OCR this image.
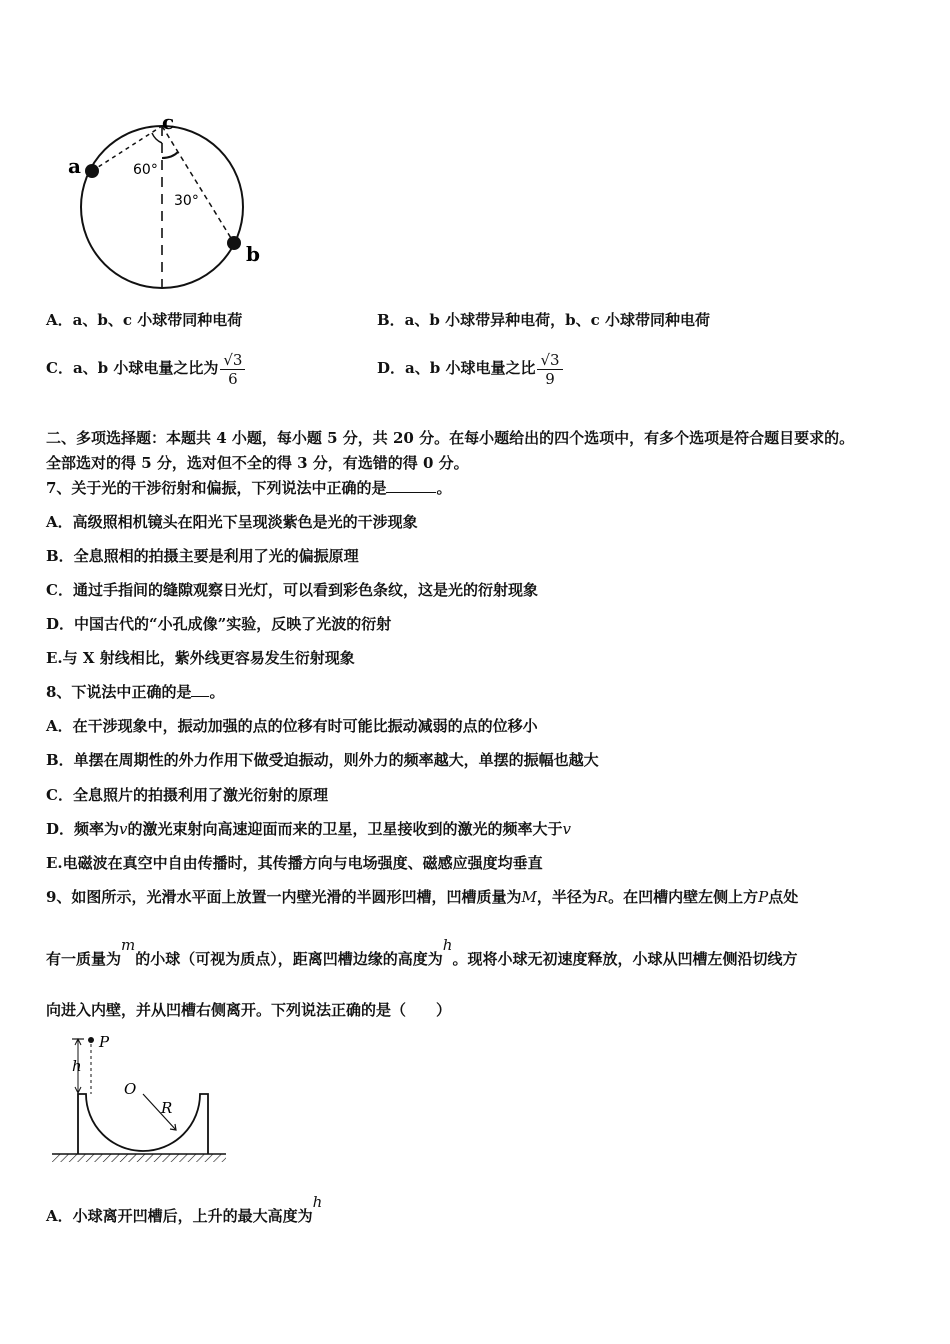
a
b
c
60°
30°
A．a、b、c 小球带同种电荷	B．a、b 小球带异种电荷，b、c 小球带同种电荷
C．a、b 小球电量之比为 $\frac{√3}{6}$	D．a、b 小球电量之比 $\frac{√3}{9}$
二、多项选择题：本题共 4 小题，每小题 5 分，共 20 分。在每小题给出的四个选项中，有多个选项是符合题目要求的。
全部选对的得 5 分，选对但不全的得 3 分，有选错的得 0 分。
7、关于光的干涉衍射和偏振，下列说法中正确的是	。
A．高级照相机镜头在阳光下呈现淡紫色是光的干涉现象
B．全息照相的拍摄主要是利用了光的偏振原理
C．通过手指间的缝隙观察日光灯，可以看到彩色条纹，这是光的衍射现象
D．中国古代的“小孔成像”实验，反映了光波的衍射
E.与 X 射线相比，紫外线更容易发生衍射现象
8、下说法中正确的是 。
A．在干涉现象中，振动加强的点的位移有时可能比振动减弱的点的位移小
B．单摆在周期性的外力作用下做受迫振动，则外力的频率越大，单摆的振幅也越大
C．全息照片的拍摄利用了激光衍射的原理
D．频率为v的激光束射向高速迎面而来的卫星，卫星接收到的激光的频率大于v
E.电磁波在真空中自由传播时，其传播方向与电场强度、磁感应强度均垂直
9、如图所示，光滑水平面上放置一内壁光滑的半圆形凹槽，凹槽质量为M，半径为R。在凹槽内壁左侧上方P点处
有一质量为m的小球（可视为质点），距离凹槽边缘的高度为h。现将小球无初速度释放，小球从凹槽左侧沿切线方
向进入内壁，并从凹槽右侧离开。下列说法正确的是（　　）
P
h
O
R
A．小球离开凹槽后，上升的最大高度为h
